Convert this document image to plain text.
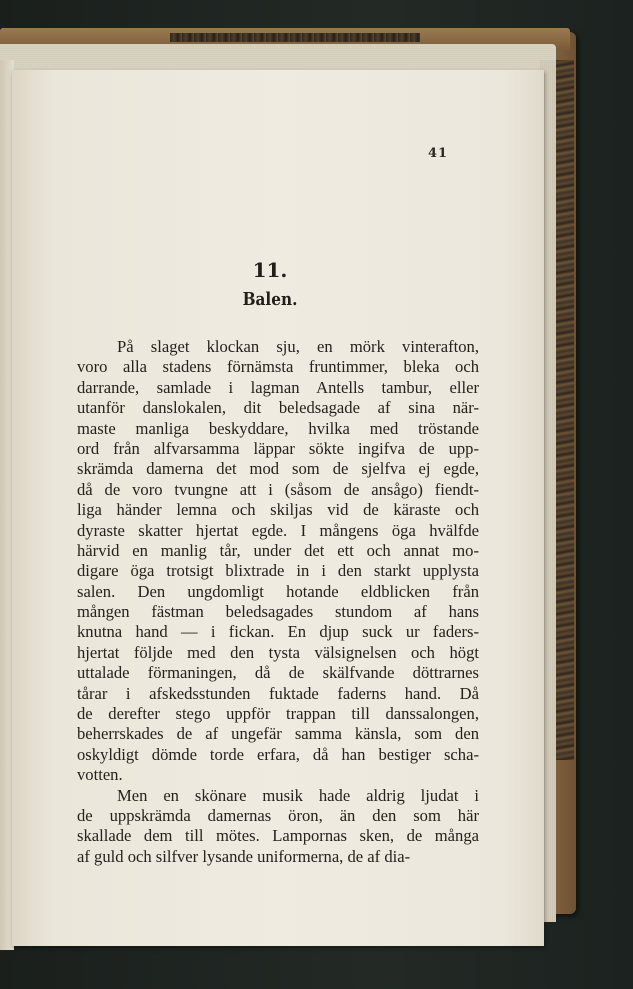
41
11.
Balen.
På slaget klockan sju, en mörk vinterafton,
voro alla stadens förnämsta fruntimmer, bleka och
darrande, samlade i lagman Antells tambur, eller
utanför danslokalen, dit beledsagade af sina när-
maste manliga beskyddare, hvilka med tröstande
ord från alfvarsamma läppar sökte ingifva de upp-
skrämda damerna det mod som de sjelfva ej egde,
då de voro tvungne att i (såsom de ansågo) fiendt-
liga händer lemna och skiljas vid de käraste och
dyraste skatter hjertat egde. I mångens öga hvälfde
härvid en manlig tår, under det ett och annat mo-
digare öga trotsigt blixtrade in i den starkt upplysta
salen. Den ungdomligt hotande eldblicken från
mången fästman beledsagades stundom af hans
knutna hand — i fickan. En djup suck ur faders-
hjertat följde med den tysta välsignelsen och högt
uttalade förmaningen, då de skälfvande döttrarnes
tårar i afskedsstunden fuktade faderns hand. Då
de derefter stego uppför trappan till danssalongen,
beherrskades de af ungefär samma känsla, som den
oskyldigt dömde torde erfara, då han bestiger scha-
votten.
Men en skönare musik hade aldrig ljudat i
de uppskrämda damernas öron, än den som här
skallade dem till mötes. Lampornas sken, de många
af guld och silfver lysande uniformerna, de af dia-
